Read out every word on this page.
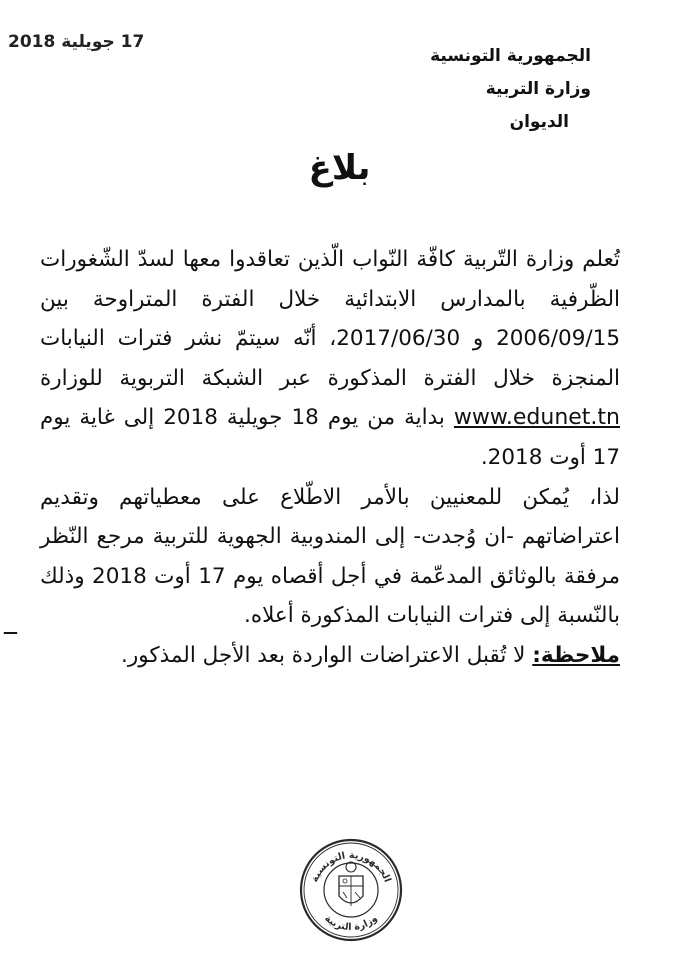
17 جويلية 2018
الجمهورية التونسية
وزارة التربية
الديوان
بلاغ

تُعلم وزارة التّربية كافّة النّواب الّذين تعاقدوا معها لسدّ الشّغورات الظّرفية بالمدارس الابتدائية خلال الفترة المتراوحة بين 2006/09/15 و 2017/06/30، أنّه سيتمّ نشر فترات النيابات المنجزة خلال الفترة المذكورة عبر الشبكة التربوية للوزارة www.edunet.tn بداية من يوم 18 جويلية 2018 إلى غاية يوم 17 أوت 2018.

لذا، يُمكن للمعنيين بالأمر الاطّلاع على معطياتهم وتقديم اعتراضاتهم -ان وُجدت- إلى المندوبية الجهوية للتربية مرجع النّظر مرفقة بالوثائق المدعّمة في أجل أقصاه يوم 17 أوت 2018 وذلك بالنّسبة إلى فترات النيابات المذكورة أعلاه.

ملاحظة: لا تُقبل الاعتراضات الواردة بعد الأجل المذكور.

ــ
الجمهورية التونسية
وزارة التربية
